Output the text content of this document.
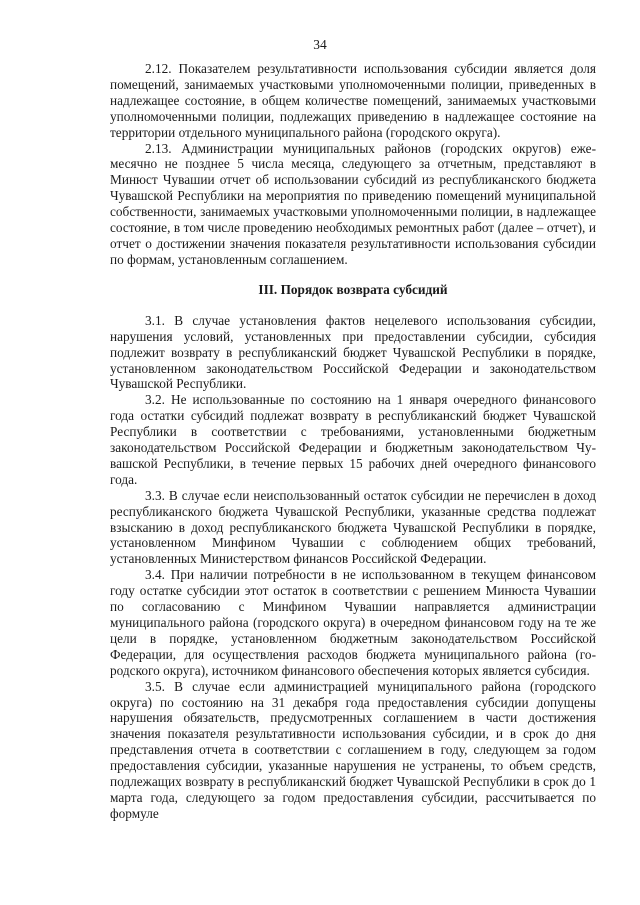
34

2.12. Показателем результативности использования субсидии является доля помещений, занимаемых участковыми уполномоченными полиции, приведенных в надлежащее состояние, в общем количестве помещений, занимаемых участковыми уполномоченными полиции, подлежащих приведению в надлежащее состояние на территории отдельного муниципального района (городского округа).

2.13. Администрации муниципальных районов (городских округов) ежемесячно не позднее 5 числа месяца, следующего за отчетным, представляют в Минюст Чувашии отчет об использовании субсидий из республиканского бюджета Чувашской Республики на мероприятия по приведению помещений муниципальной собственности, занимаемых участковыми уполномоченными полиции, в надлежащее состояние, в том числе проведению необходимых ремонтных работ (далее – отчет), и отчет о достижении значения показателя результативности использования субсидии по формам, установленным соглашением.

III. Порядок возврата субсидий

3.1. В случае установления фактов нецелевого использования субсидии, нарушения условий, установленных при предоставлении субсидии, субсидия подлежит возврату в республиканский бюджет Чувашской Республики в порядке, установленном законодательством Российской Федерации и законодательством Чувашской Республики.

3.2. Не использованные по состоянию на 1 января очередного финансового года остатки субсидий подлежат возврату в республиканский бюджет Чувашской Республики в соответствии с требованиями, установленными бюджетным законодательством Российской Федерации и бюджетным законодательством Чувашской Республики, в течение первых 15 рабочих дней очередного финансового года.

3.3. В случае если неиспользованный остаток субсидии не перечислен в доход республиканского бюджета Чувашской Республики, указанные средства подлежат взысканию в доход республиканского бюджета Чувашской Республики в порядке, установленном Минфином Чувашии с соблюдением общих требований, установленных Министерством финансов Российской Федерации.

3.4. При наличии потребности в не использованном в текущем финансовом году остатке субсидии этот остаток в соответствии с решением Минюста Чувашии по согласованию с Минфином Чувашии направляется администрации муниципального района (городского округа) в очередном финансовом году на те же цели в порядке, установленном бюджетным законодательством Российской Федерации, для осуществления расходов бюджета муниципального района (городского округа), источником финансового обеспечения которых является субсидия.

3.5. В случае если администрацией муниципального района (городского округа) по состоянию на 31 декабря года предоставления субсидии допущены нарушения обязательств, предусмотренных соглашением в части достижения значения показателя результативности использования субсидии, и в срок до дня представления отчета в соответствии с соглашением в году, следующем за годом предоставления субсидии, указанные нарушения не устранены, то объем средств, подлежащих возврату в республиканский бюджет Чувашской Республики в срок до 1 марта года, следующего за годом предоставления субсидии, рассчитывается по формуле
